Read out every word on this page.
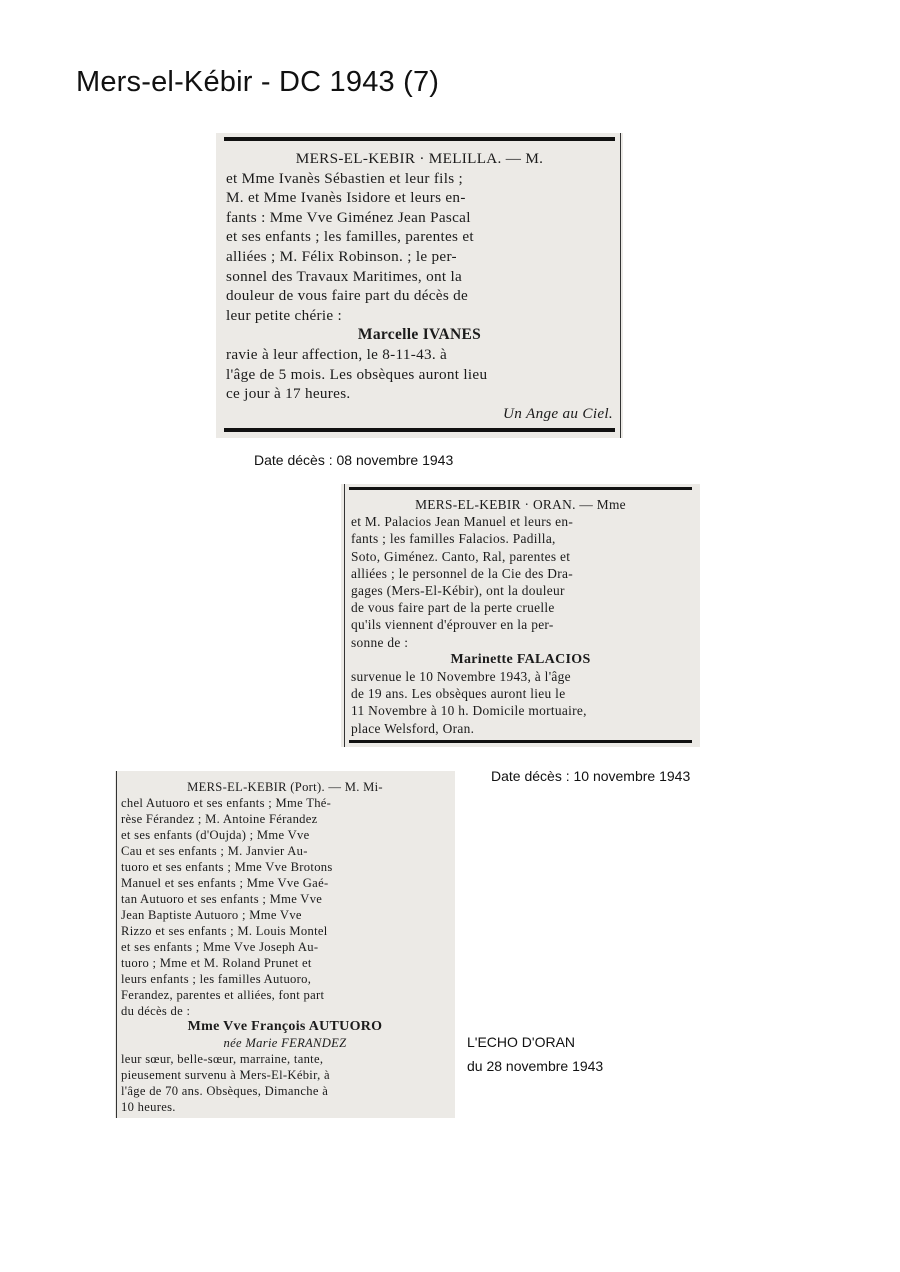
Mers-el-Kébir - DC 1943 (7)
MERS-EL-KEBIR · MELILLA. — M.
et Mme Ivanès Sébastien et leur fils ;
M. et Mme Ivanès Isidore et leurs en-
fants : Mme Vve Giménez Jean Pascal
et ses enfants ; les familles, parentes et
alliées ; M. Félix Robinson. ; le per-
sonnel des Travaux Maritimes, ont la
douleur de vous faire part du décès de
leur petite chérie :
Marcelle IVANES
ravie à leur affection, le 8-11-43. à
l'âge de 5 mois. Les obsèques auront lieu
ce jour à 17 heures.
Un Ange au Ciel.
Date décès : 08 novembre 1943
MERS-EL-KEBIR · ORAN. — Mme
et M. Palacios Jean Manuel et leurs en-
fants ; les familles Falacios. Padilla,
Soto, Giménez. Canto, Ral, parentes et
alliées ; le personnel de la Cie des Dra-
gages (Mers-El-Kébir), ont la douleur
de vous faire part de la perte cruelle
qu'ils viennent d'éprouver en la per-
sonne de :
Marinette FALACIOS
survenue le 10 Novembre 1943, à l'âge
de 19 ans. Les obsèques auront lieu le
11 Novembre à 10 h. Domicile mortuaire,
place Welsford, Oran.
Date décès : 10 novembre 1943
MERS-EL-KEBIR (Port). — M. Mi-
chel Autuoro et ses enfants ; Mme Thé-
rèse Férandez ; M. Antoine Férandez
et ses enfants (d'Oujda) ; Mme Vve
Cau et ses enfants ; M. Janvier Au-
tuoro et ses enfants ; Mme Vve Brotons
Manuel et ses enfants ; Mme Vve Gaé-
tan Autuoro et ses enfants ; Mme Vve
Jean Baptiste Autuoro ; Mme Vve
Rizzo et ses enfants ; M. Louis Montel
et ses enfants ; Mme Vve Joseph Au-
tuoro ; Mme et M. Roland Prunet et
leurs enfants ; les familles Autuoro,
Ferandez, parentes et alliées, font part
du décès de :
Mme Vve François AUTUORO
née Marie FERANDEZ
leur sœur, belle-sœur, marraine, tante,
pieusement survenu à Mers-El-Kébir, à
l'âge de 70 ans. Obsèques, Dimanche à
10 heures.
L'ECHO D'ORAN
du 28 novembre 1943
